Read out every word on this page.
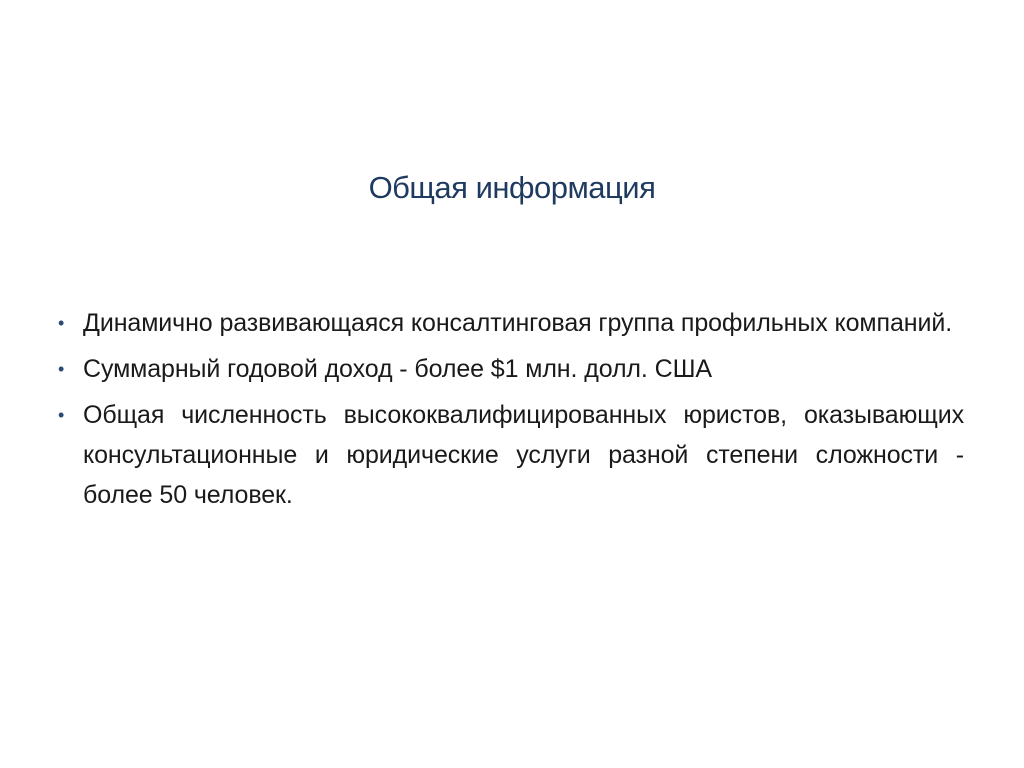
Общая информация
• Динамично развивающаяся консалтинговая группа профильных компаний.
• Суммарный годовой доход - более $1 млн. долл. США
• Общая численность высококвалифицированных юристов, оказывающих консультационные и юридические услуги разной степени сложности - более 50 человек.
